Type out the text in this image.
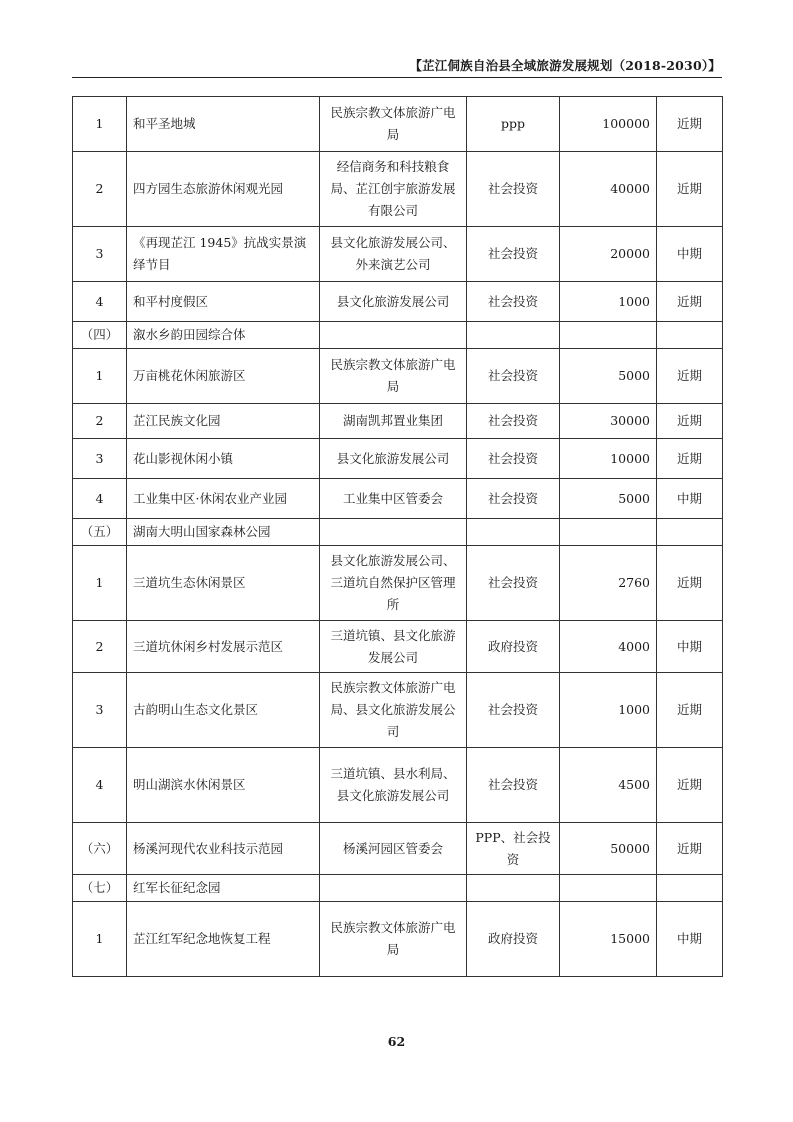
【芷江侗族自治县全域旅游发展规划（2018-2030）】
1	和平圣地城	民族宗教文体旅游广电局	ppp	100000	近期
2	四方园生态旅游休闲观光园	经信商务和科技粮食局、芷江创宇旅游发展有限公司	社会投资	40000	近期
3	《再现芷江 1945》抗战实景演绎节目	县文化旅游发展公司、外来演艺公司	社会投资	20000	中期
4	和平村度假区	县文化旅游发展公司	社会投资	1000	近期
（四）	溆水乡韵田园综合体				
1	万亩桃花休闲旅游区	民族宗教文体旅游广电局	社会投资	5000	近期
2	芷江民族文化园	湖南凯邦置业集团	社会投资	30000	近期
3	花山影视休闲小镇	县文化旅游发展公司	社会投资	10000	近期
4	工业集中区·休闲农业产业园	工业集中区管委会	社会投资	5000	中期
（五）	湖南大明山国家森林公园				
1	三道坑生态休闲景区	县文化旅游发展公司、三道坑自然保护区管理所	社会投资	2760	近期
2	三道坑休闲乡村发展示范区	三道坑镇、县文化旅游发展公司	政府投资	4000	中期
3	古韵明山生态文化景区	民族宗教文体旅游广电局、县文化旅游发展公司	社会投资	1000	近期
4	明山湖滨水休闲景区	三道坑镇、县水利局、县文化旅游发展公司	社会投资	4500	近期
（六）	杨溪河现代农业科技示范园	杨溪河园区管委会	PPP、社会投资	50000	近期
（七）	红军长征纪念园				
1	芷江红军纪念地恢复工程	民族宗教文体旅游广电局	政府投资	15000	中期
62
